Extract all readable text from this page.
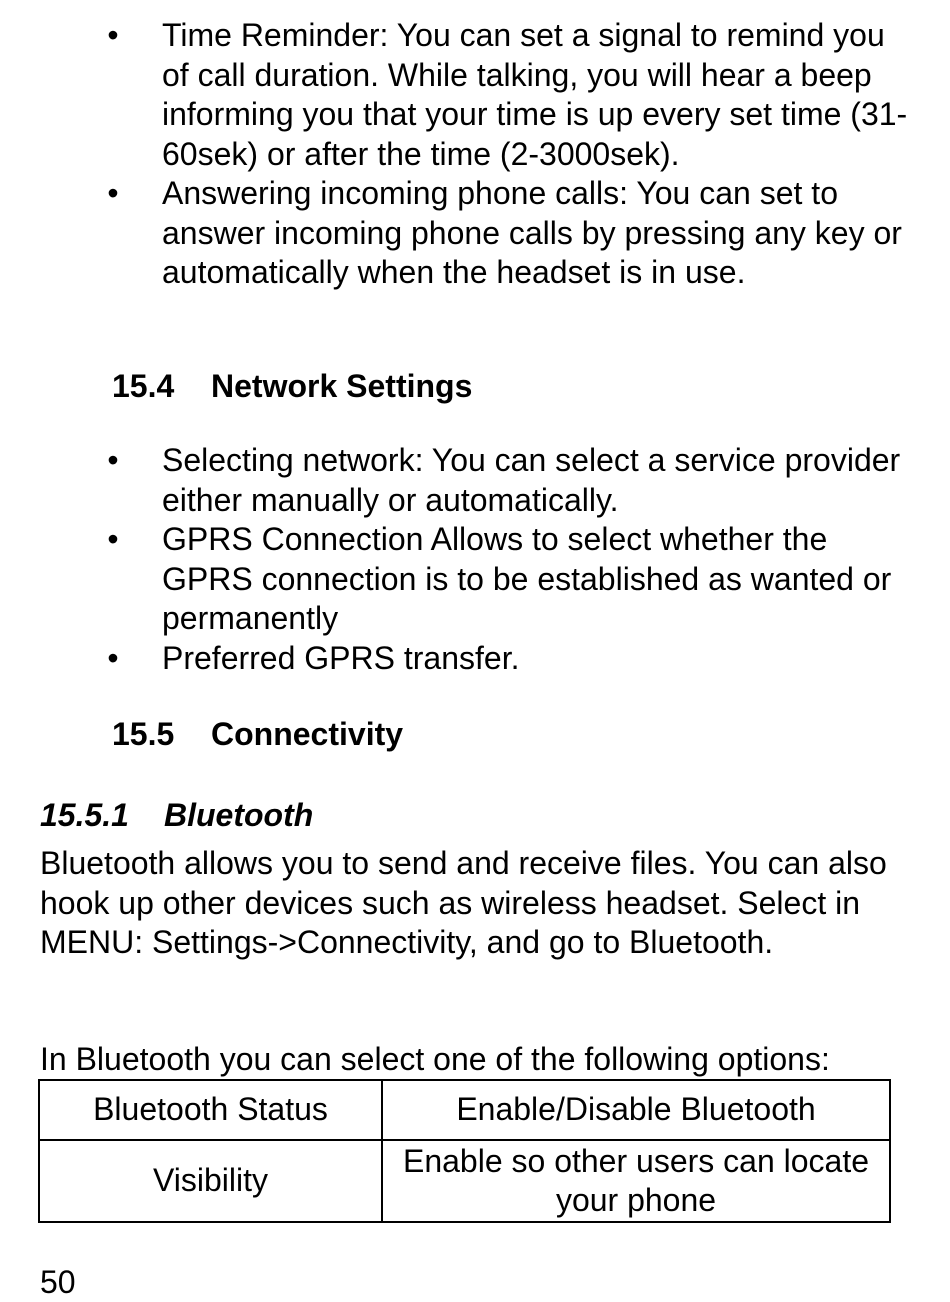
• Time Reminder: You can set a signal to remind you of call duration. While talking, you will hear a beep informing you that your time is up every set time (31-60sek) or after the time (2-3000sek).
• Answering incoming phone calls: You can set to answer incoming phone calls by pressing any key or automatically when the headset is in use.
15.4 Network Settings
• Selecting network: You can select a service provider either manually or automatically.
• GPRS Connection Allows to select whether the GPRS connection is to be established as wanted or permanently
• Preferred GPRS transfer.
15.5 Connectivity
15.5.1 Bluetooth

Bluetooth allows you to send and receive files. You can also hook up other devices such as wireless headset. Select in MENU: Settings->Connectivity, and go to Bluetooth.

In Bluetooth you can select one of the following options:

Bluetooth Status	Enable/Disable Bluetooth
Visibility	Enable so other users can locate your phone

50
